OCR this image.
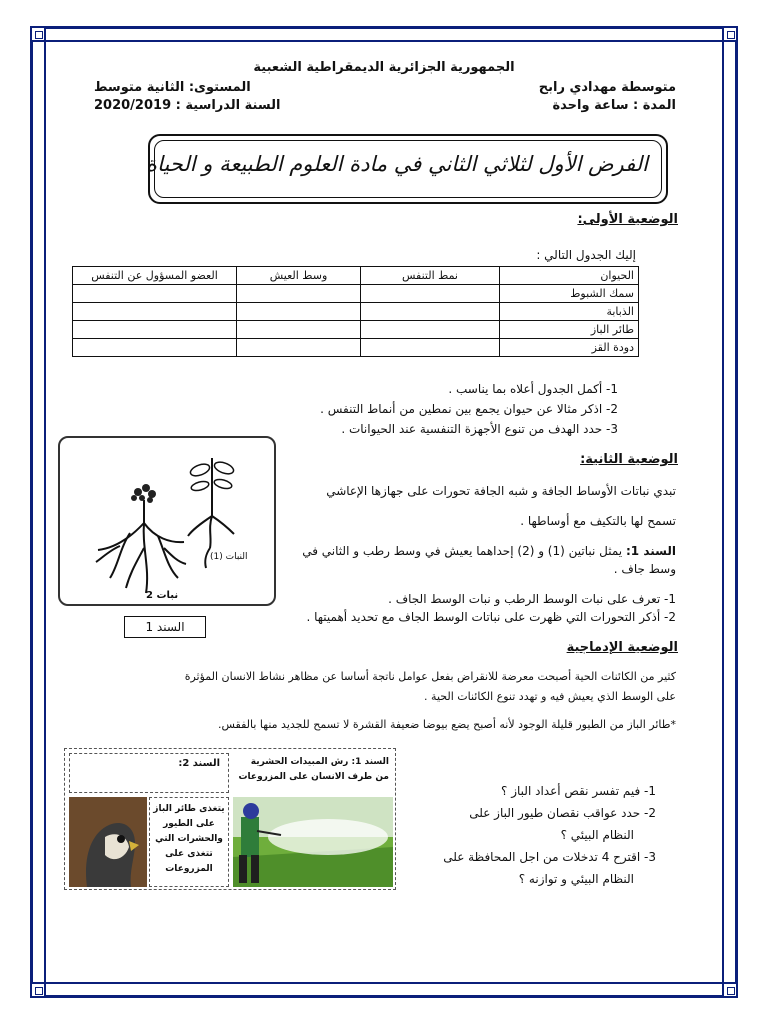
الجمهورية الجزائرية الديمقراطية الشعبية
متوسطة مهدادي رابح
المستوى: الثانية متوسط
المدة : ساعة واحدة
السنة الدراسية : 2020/2019
الفرض الأول لثلاثي الثاني في مادة العلوم الطبيعة و الحياة
الوضعية الأولى:
إليك الجدول التالي :
الحيوان	نمط التنفس	وسط العيش	العضو المسؤول عن التنفس
سمك الشبوط			
الذبابة			
طائر الباز			
دودة القز			
1- أكمل الجدول أعلاه بما يناسب .
2- اذكر مثالا عن حيوان يجمع بين نمطين من أنماط التنفس .
3- حدد الهدف من تنوع الأجهزة التنفسية عند الحيوانات .
النبات (1)
نبات 2
السند 1
الوضعية الثانية:
تبدي نباتات الأوساط الجافة و شبه الجافة تحورات على جهازها الإعاشي
تسمح لها بالتكيف مع أوساطها .
السند 1: يمثل نباتين (1) و (2) إحداهما يعيش في وسط رطب و الثاني في
وسط جاف .
1- تعرف على نبات الوسط الرطب و نبات الوسط الجاف .
2- أذكر التحورات التي ظهرت على نباتات الوسط الجاف مع تحديد أهميتها .
الوضعية الإدماجية
كثير من الكائنات الحية أصبحت معرضة للانقراض بفعل عوامل ناتجة أساسا عن مظاهر نشاط الانسان المؤثرة
على الوسط الذي يعيش فيه و تهدد تنوع الكائنات الحية .
*طائر الباز من الطيور قليلة الوجود لأنه أصبح يضع بيوضا ضعيفة القشرة لا تسمح للجديد منها بالفقس.
السند 2:
يتغذى طائر الباز على الطيور والحشرات التي تتغذى على المزروعات
السند 1: رش المبيدات الحشرية من طرف الانسان على المزروعات
1- فيم تفسر نقص أعداد الباز ؟
2- حدد عواقب نقصان طيور الباز على
النظام البيئي ؟
3- اقترح 4 تدخلات من اجل المحافظة على
النظام البيئي و توازنه ؟
